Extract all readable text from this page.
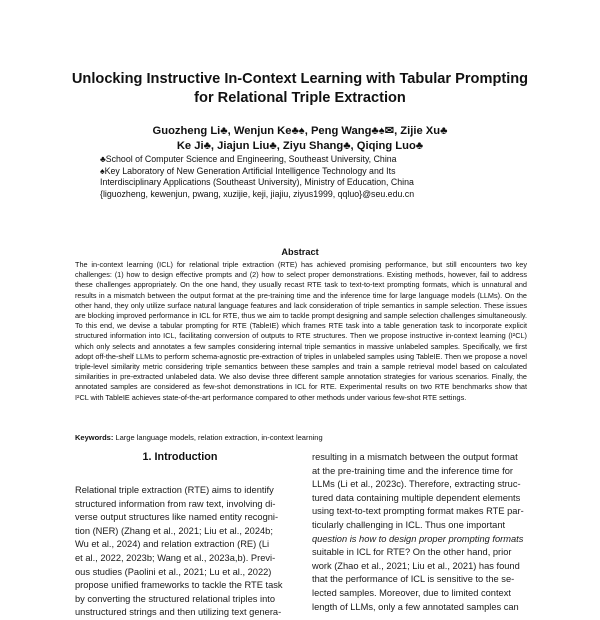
Unlocking Instructive In-Context Learning with Tabular Prompting
for Relational Triple Extraction
Guozheng Li♣, Wenjun Ke♣♠, Peng Wang♣♠✉, Zijie Xu♣
Ke Ji♣, Jiajun Liu♣, Ziyu Shang♣, Qiqing Luo♣
♣School of Computer Science and Engineering, Southeast University, China
♠Key Laboratory of New Generation Artificial Intelligence Technology and Its
Interdisciplinary Applications (Southeast University), Ministry of Education, China
{liguozheng, kewenjun, pwang, xuzijie, keji, jiajiu, ziyus1999, qqluo}@seu.edu.cn
Abstract
The in-context learning (ICL) for relational triple extraction (RTE) has achieved promising performance, but still encounters two key challenges: (1) how to design effective prompts and (2) how to select proper demonstrations. Existing methods, however, fail to address these challenges appropriately. On the one hand, they usually recast RTE task to text-to-text prompting formats, which is unnatural and results in a mismatch between the output format at the pre-training time and the inference time for large language models (LLMs). On the other hand, they only utilize surface natural language features and lack consideration of triple semantics in sample selection. These issues are blocking improved performance in ICL for RTE, thus we aim to tackle prompt designing and sample selection challenges simultaneously. To this end, we devise a tabular prompting for RTE (TableIE) which frames RTE task into a table generation task to incorporate explicit structured information into ICL, facilitating conversion of outputs to RTE structures. Then we propose instructive in-context learning (I²CL) which only selects and annotates a few samples considering internal triple semantics in massive unlabeled samples. Specifically, we first adopt off-the-shelf LLMs to perform schema-agnostic pre-extraction of triples in unlabeled samples using TableIE. Then we propose a novel triple-level similarity metric considering triple semantics between these samples and train a sample retrieval model based on calculated similarities in pre-extracted unlabeled data. We also devise three different sample annotation strategies for various scenarios. Finally, the annotated samples are considered as few-shot demonstrations in ICL for RTE. Experimental results on two RTE benchmarks show that I²CL with TableIE achieves state-of-the-art performance compared to other methods under various few-shot RTE settings.
Keywords: Large language models, relation extraction, in-context learning
1. Introduction
Relational triple extraction (RTE) aims to identify
structured information from raw text, involving di-
verse output structures like named entity recogni-
tion (NER) (Zhang et al., 2021; Liu et al., 2024b;
Wu et al., 2024) and relation extraction (RE) (Li
et al., 2022, 2023b; Wang et al., 2023a,b). Previ-
ous studies (Paolini et al., 2021; Lu et al., 2022)
propose unified frameworks to tackle the RTE task
by converting the structured relational triples into
unstructured strings and then utilizing text genera-
resulting in a mismatch between the output format
at the pre-training time and the inference time for
LLMs (Li et al., 2023c). Therefore, extracting struc-
tured data containing multiple dependent elements
using text-to-text prompting format makes RTE par-
ticularly challenging in ICL. Thus one important
question is how to design proper prompting formats
suitable in ICL for RTE? On the other hand, prior
work (Zhao et al., 2021; Liu et al., 2021) has found
that the performance of ICL is sensitive to the se-
lected samples. Moreover, due to limited context
length of LLMs, only a few annotated samples can
